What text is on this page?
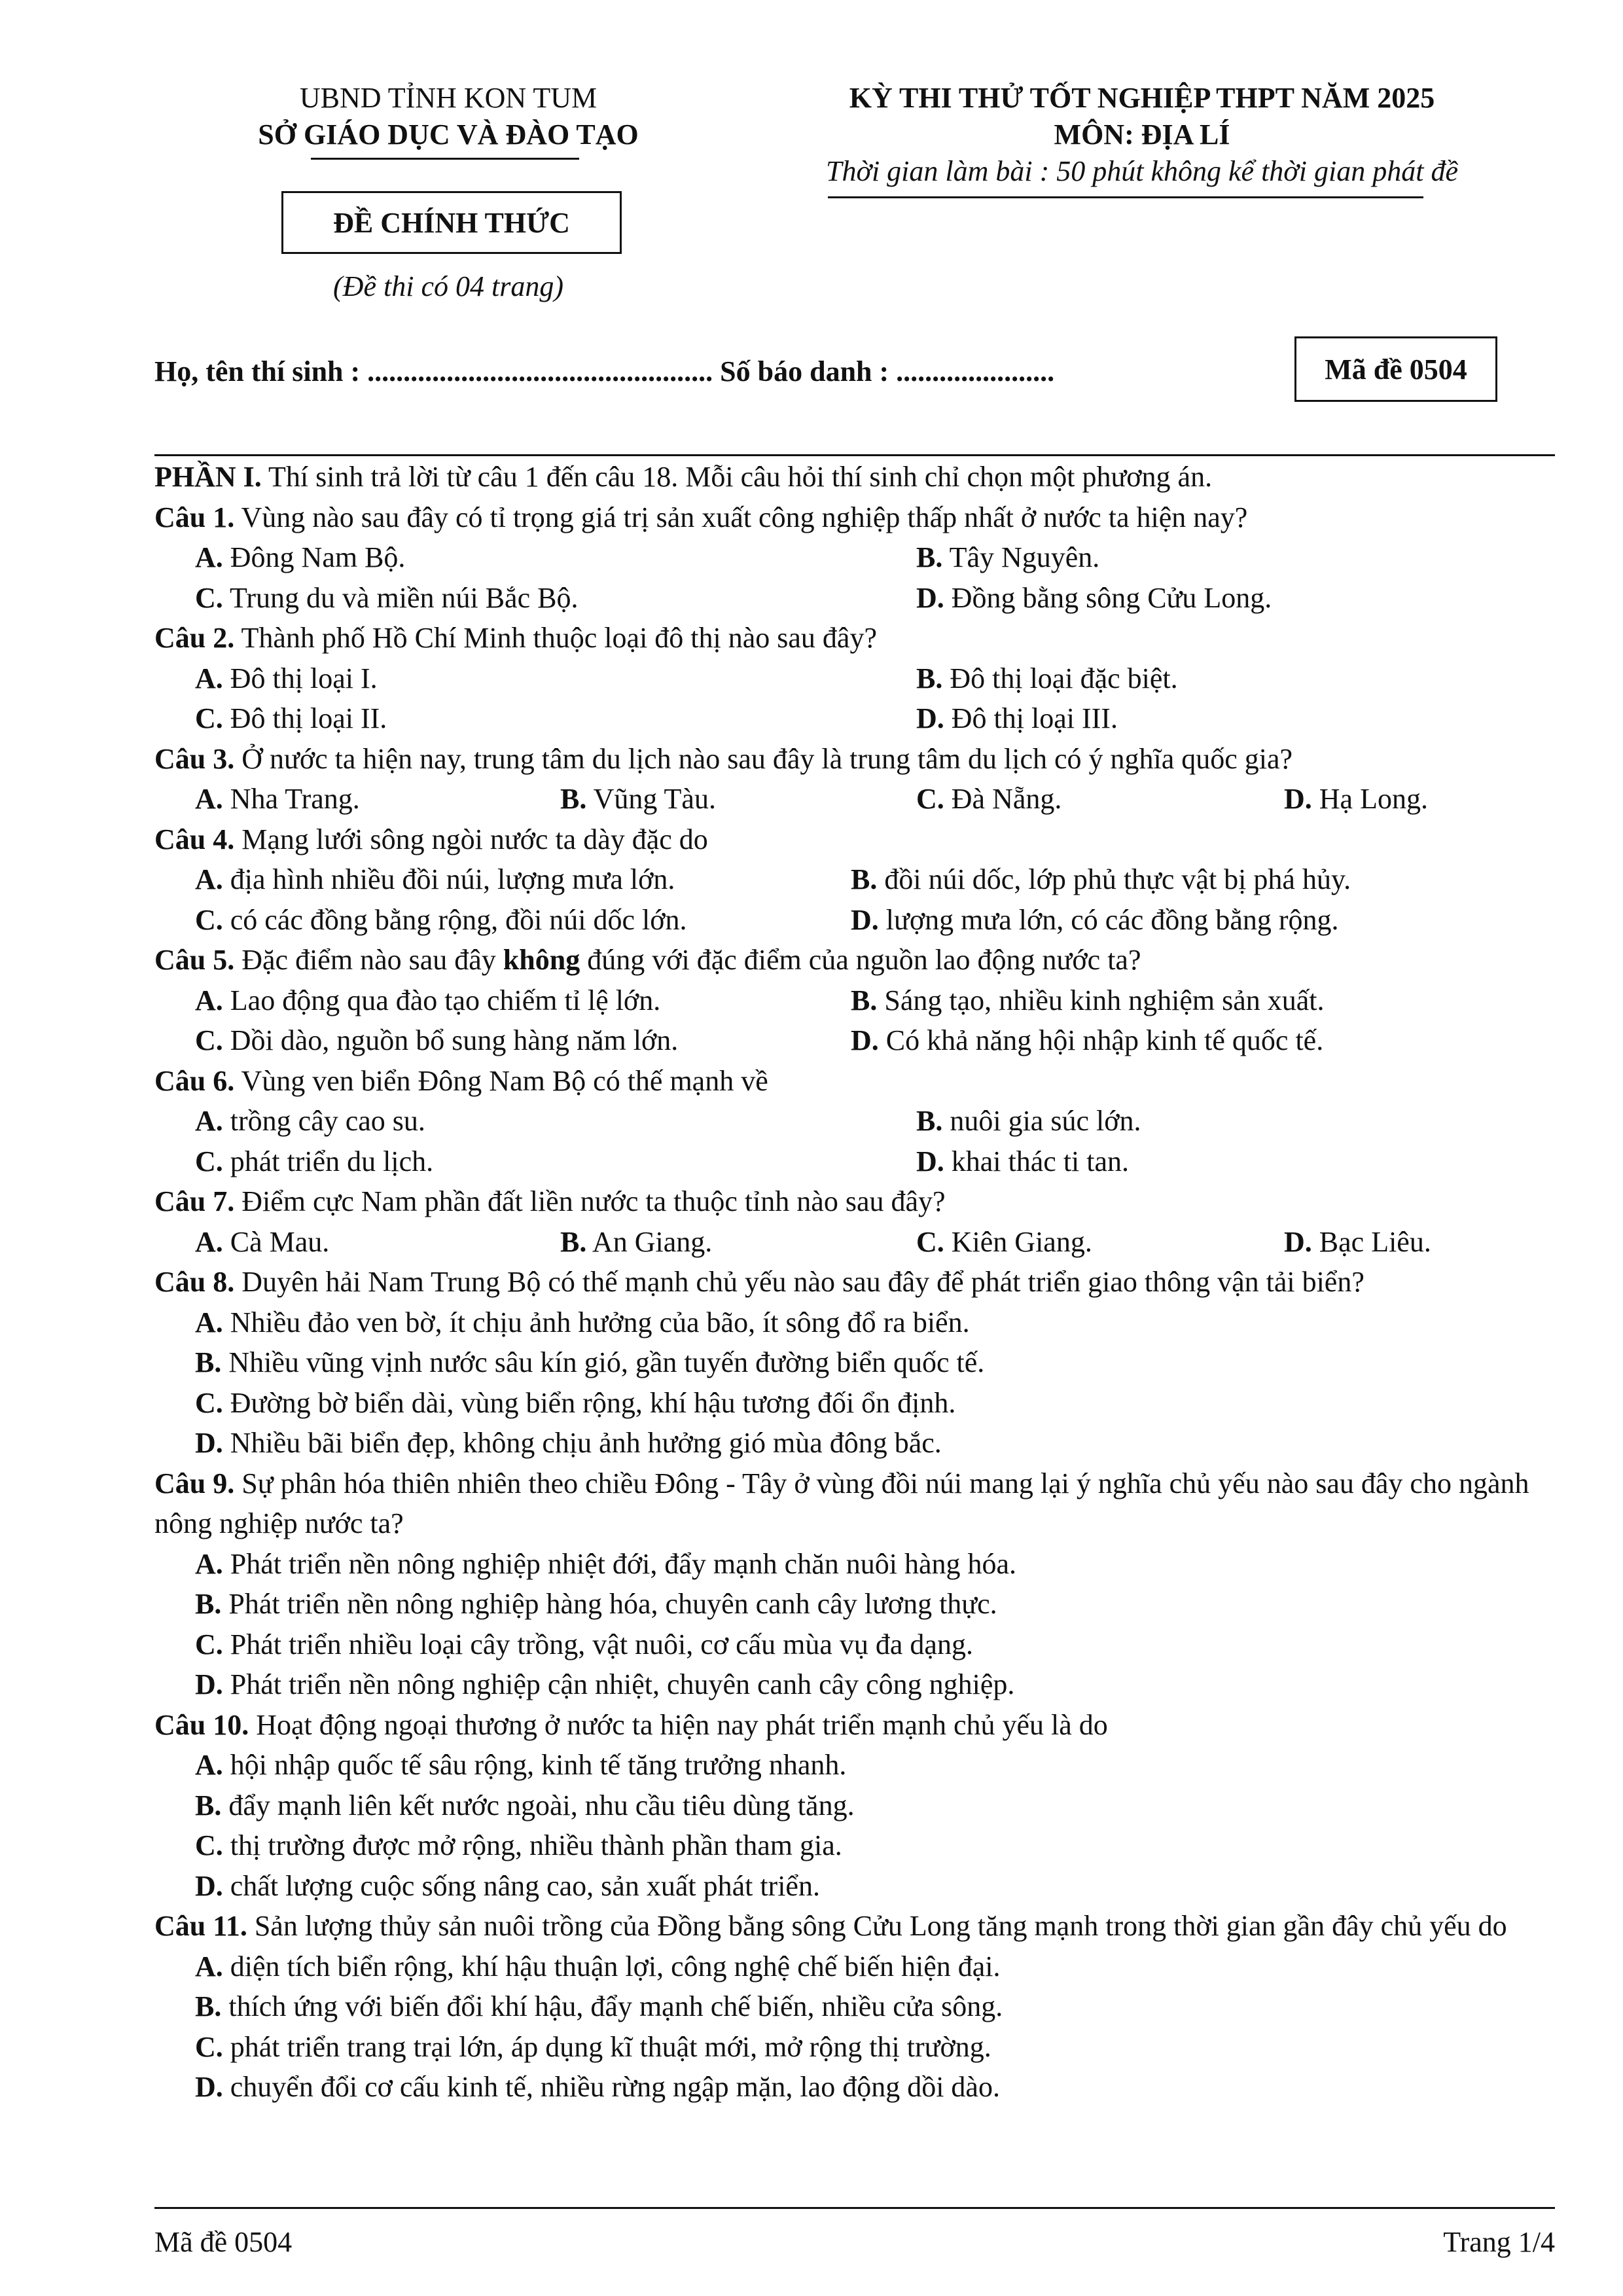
UBND TỈNH KON TUM
SỞ GIÁO DỤC VÀ ĐÀO TẠO
ĐỀ CHÍNH THỨC
(Đề thi có 04 trang)
KỲ THI THỬ TỐT NGHIỆP THPT NĂM 2025
MÔN: ĐỊA LÍ
Thời gian làm bài : 50 phút không kể thời gian phát đề
Họ, tên thí sinh : ................................................ Số báo danh : ......................	Mã đề 0504
PHẦN I. Thí sinh trả lời từ câu 1 đến câu 18. Mỗi câu hỏi thí sinh chỉ chọn một phương án.
Câu 1. Vùng nào sau đây có tỉ trọng giá trị sản xuất công nghiệp thấp nhất ở nước ta hiện nay?
A. Đông Nam Bộ.	B. Tây Nguyên.
C. Trung du và miền núi Bắc Bộ.	D. Đồng bằng sông Cửu Long.
Câu 2. Thành phố Hồ Chí Minh thuộc loại đô thị nào sau đây?
A. Đô thị loại I.	B. Đô thị loại đặc biệt.
C. Đô thị loại II.	D. Đô thị loại III.
Câu 3. Ở nước ta hiện nay, trung tâm du lịch nào sau đây là trung tâm du lịch có ý nghĩa quốc gia?
A. Nha Trang.	B. Vũng Tàu.	C. Đà Nẵng.	D. Hạ Long.
Câu 4. Mạng lưới sông ngòi nước ta dày đặc do
A. địa hình nhiều đồi núi, lượng mưa lớn.	B. đồi núi dốc, lớp phủ thực vật bị phá hủy.
C. có các đồng bằng rộng, đồi núi dốc lớn.	D. lượng mưa lớn, có các đồng bằng rộng.
Câu 5. Đặc điểm nào sau đây không đúng với đặc điểm của nguồn lao động nước ta?
A. Lao động qua đào tạo chiếm tỉ lệ lớn.	B. Sáng tạo, nhiều kinh nghiệm sản xuất.
C. Dồi dào, nguồn bổ sung hàng năm lớn.	D. Có khả năng hội nhập kinh tế quốc tế.
Câu 6. Vùng ven biển Đông Nam Bộ có thế mạnh về
A. trồng cây cao su.	B. nuôi gia súc lớn.
C. phát triển du lịch.	D. khai thác ti tan.
Câu 7. Điểm cực Nam phần đất liền nước ta thuộc tỉnh nào sau đây?
A. Cà Mau.	B. An Giang.	C. Kiên Giang.	D. Bạc Liêu.
Câu 8. Duyên hải Nam Trung Bộ có thế mạnh chủ yếu nào sau đây để phát triển giao thông vận tải biển?
A. Nhiều đảo ven bờ, ít chịu ảnh hưởng của bão, ít sông đổ ra biển.
B. Nhiều vũng vịnh nước sâu kín gió, gần tuyến đường biển quốc tế.
C. Đường bờ biển dài, vùng biển rộng, khí hậu tương đối ổn định.
D. Nhiều bãi biển đẹp, không chịu ảnh hưởng gió mùa đông bắc.
Câu 9. Sự phân hóa thiên nhiên theo chiều Đông - Tây ở vùng đồi núi mang lại ý nghĩa chủ yếu nào sau đây cho ngành nông nghiệp nước ta?
A. Phát triển nền nông nghiệp nhiệt đới, đẩy mạnh chăn nuôi hàng hóa.
B. Phát triển nền nông nghiệp hàng hóa, chuyên canh cây lương thực.
C. Phát triển nhiều loại cây trồng, vật nuôi, cơ cấu mùa vụ đa dạng.
D. Phát triển nền nông nghiệp cận nhiệt, chuyên canh cây công nghiệp.
Câu 10. Hoạt động ngoại thương ở nước ta hiện nay phát triển mạnh chủ yếu là do
A. hội nhập quốc tế sâu rộng, kinh tế tăng trưởng nhanh.
B. đẩy mạnh liên kết nước ngoài, nhu cầu tiêu dùng tăng.
C. thị trường được mở rộng, nhiều thành phần tham gia.
D. chất lượng cuộc sống nâng cao, sản xuất phát triển.
Câu 11. Sản lượng thủy sản nuôi trồng của Đồng bằng sông Cửu Long tăng mạnh trong thời gian gần đây chủ yếu do
A. diện tích biển rộng, khí hậu thuận lợi, công nghệ chế biến hiện đại.
B. thích ứng với biến đổi khí hậu, đẩy mạnh chế biến, nhiều cửa sông.
C. phát triển trang trại lớn, áp dụng kĩ thuật mới, mở rộng thị trường.
D. chuyển đổi cơ cấu kinh tế, nhiều rừng ngập mặn, lao động dồi dào.
Mã đề 0504	Trang 1/4
